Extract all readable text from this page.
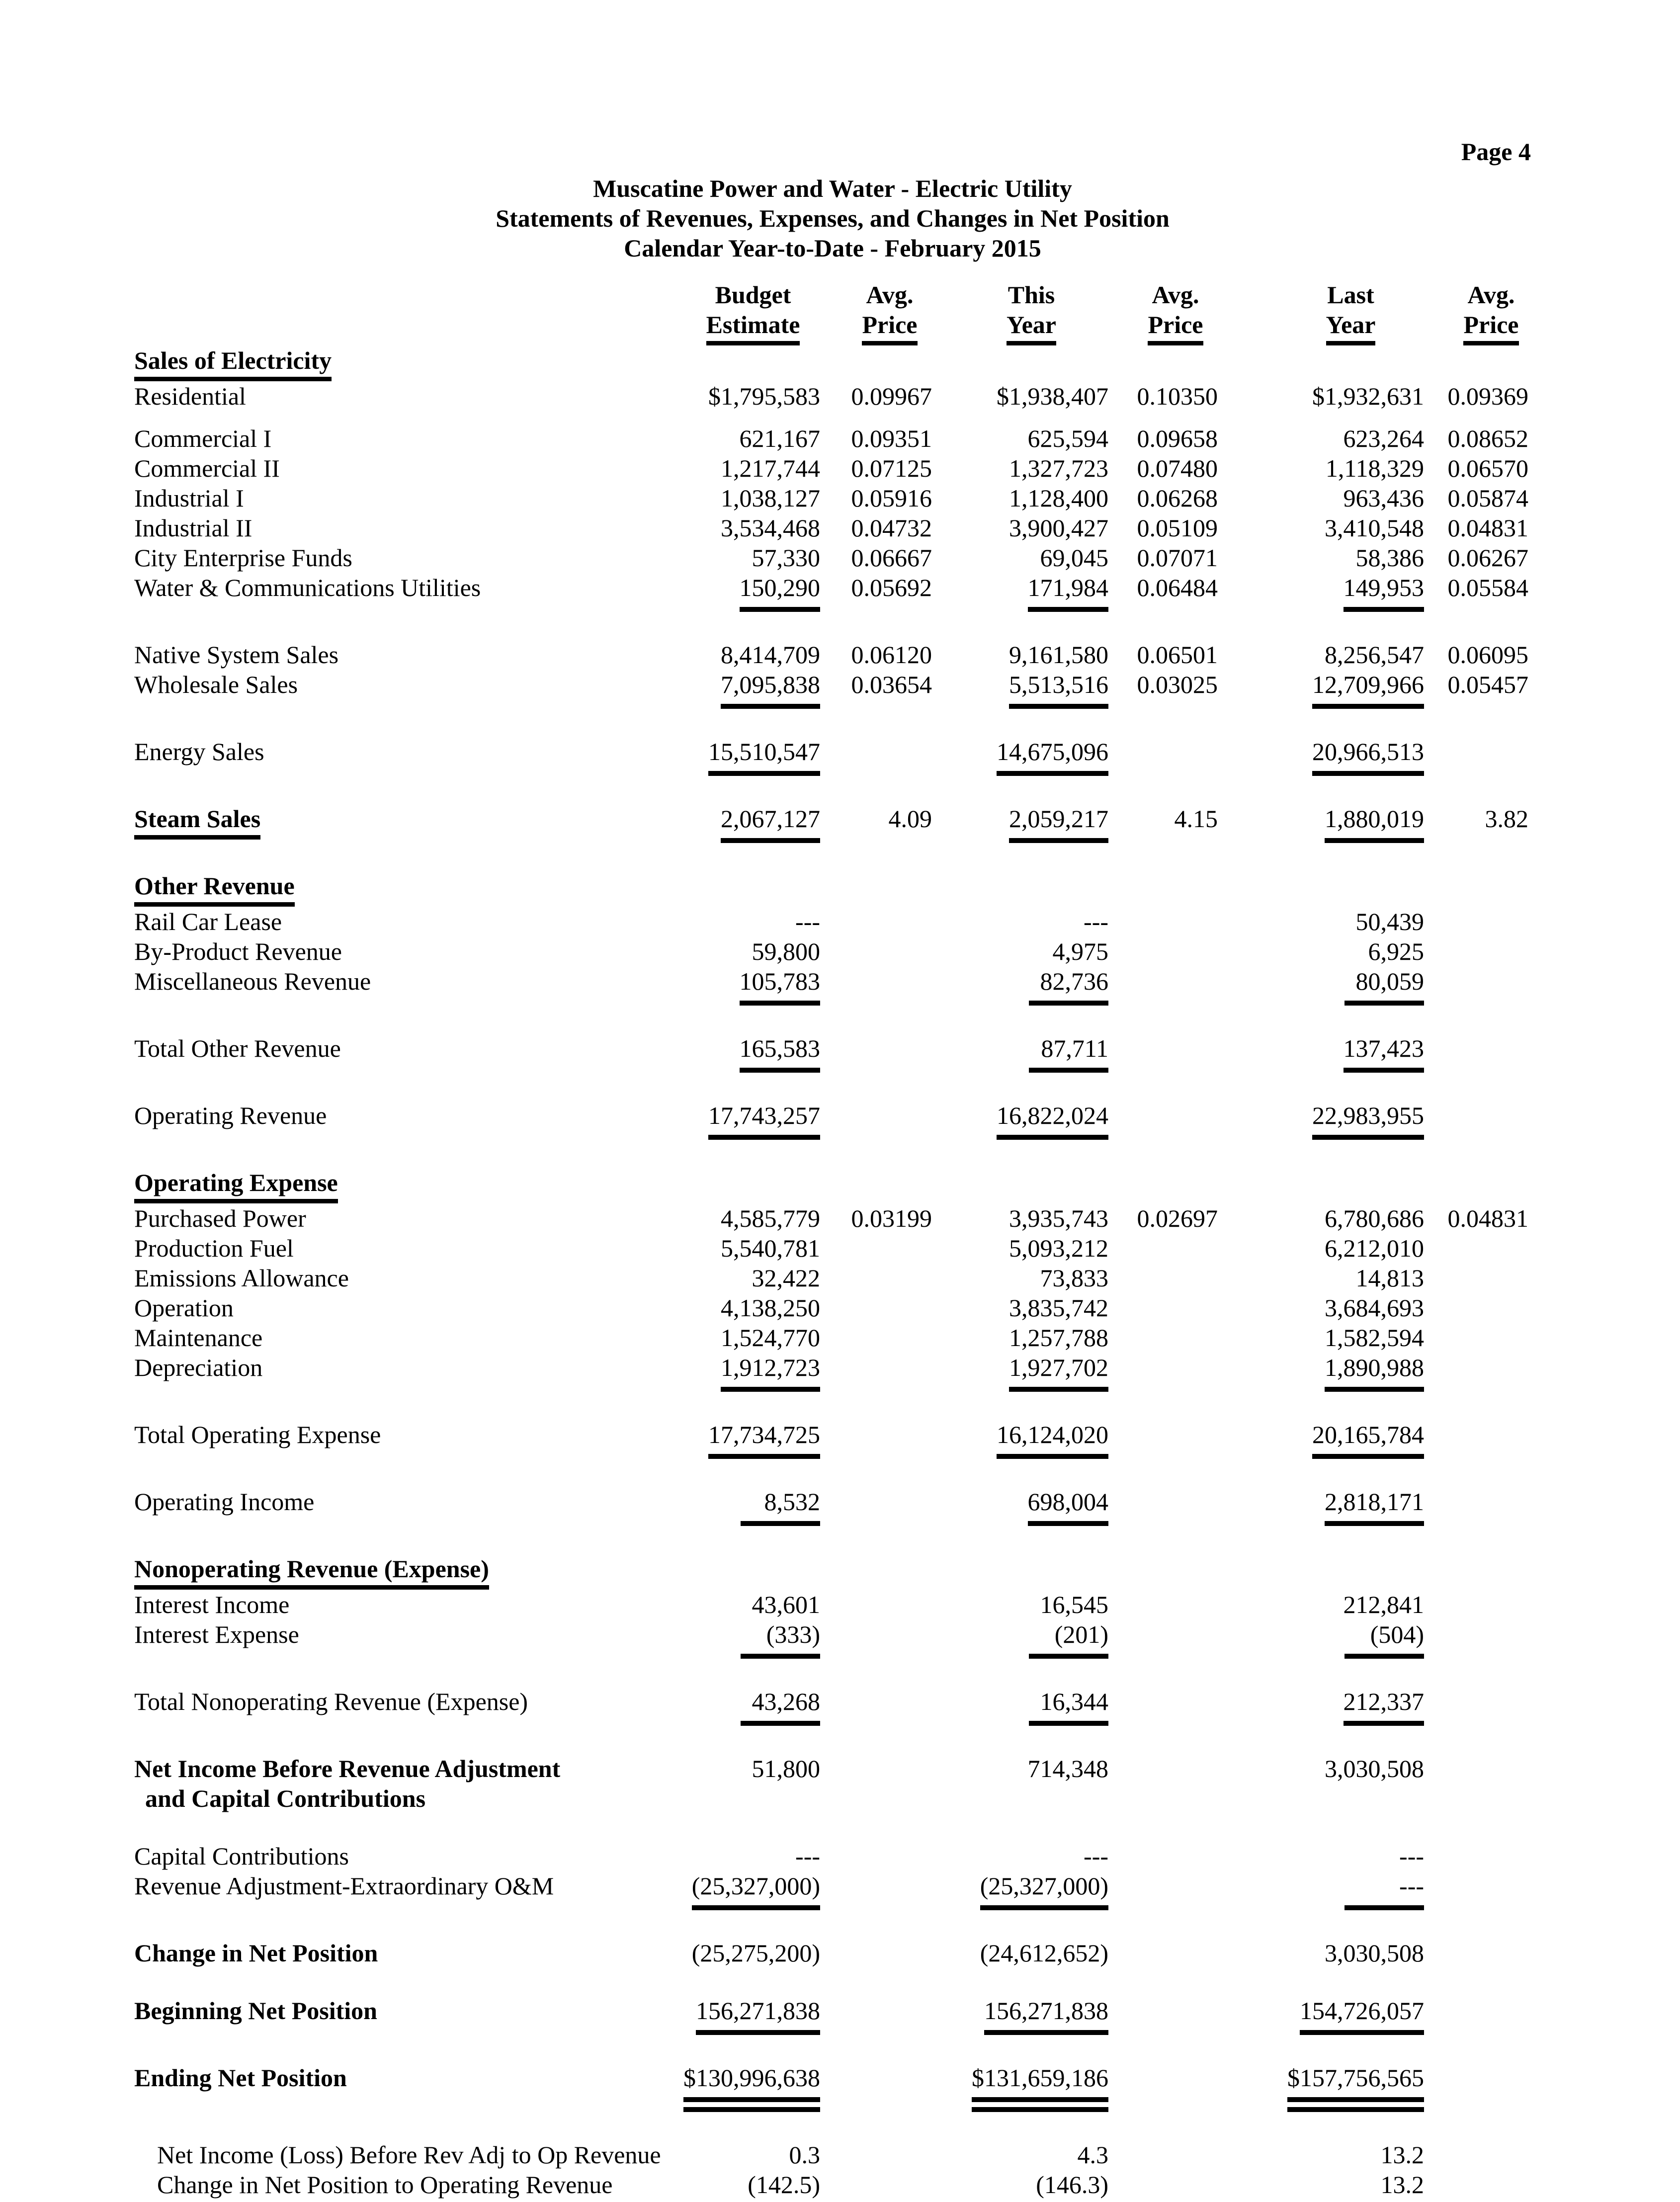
Page 4
Muscatine Power and Water - Electric Utility
Statements of Revenues, Expenses, and Changes in Net Position
Calendar Year-to-Date - February 2015
	Budget	Avg.	This	Avg.	Last	Avg.
	Estimate	Price	Year	Price	Year	Price
Sales of Electricity						
Residential	$1,795,583	0.09967	$1,938,407	0.10350	$1,932,631	0.09369
Commercial I	621,167	0.09351	625,594	0.09658	623,264	0.08652
Commercial II	1,217,744	0.07125	1,327,723	0.07480	1,118,329	0.06570
Industrial I	1,038,127	0.05916	1,128,400	0.06268	963,436	0.05874
Industrial II	3,534,468	0.04732	3,900,427	0.05109	3,410,548	0.04831
City Enterprise Funds	57,330	0.06667	69,045	0.07071	58,386	0.06267
Water & Communications Utilities	150,290	0.05692	171,984	0.06484	149,953	0.05584
Native System Sales	8,414,709	0.06120	9,161,580	0.06501	8,256,547	0.06095
Wholesale Sales	7,095,838	0.03654	5,513,516	0.03025	12,709,966	0.05457
Energy Sales	15,510,547		14,675,096		20,966,513	
Steam Sales	2,067,127	4.09	2,059,217	4.15	1,880,019	3.82
Other Revenue						
Rail Car Lease	---		---		50,439	
By-Product Revenue	59,800		4,975		6,925	
Miscellaneous Revenue	105,783		82,736		80,059	
Total Other Revenue	165,583		87,711		137,423	
Operating Revenue	17,743,257		16,822,024		22,983,955	
Operating Expense						
Purchased Power	4,585,779	0.03199	3,935,743	0.02697	6,780,686	0.04831
Production Fuel	5,540,781		5,093,212		6,212,010	
Emissions Allowance	32,422		73,833		14,813	
Operation	4,138,250		3,835,742		3,684,693	
Maintenance	1,524,770		1,257,788		1,582,594	
Depreciation	1,912,723		1,927,702		1,890,988	
Total Operating Expense	17,734,725		16,124,020		20,165,784	
Operating Income	8,532		698,004		2,818,171	
Nonoperating Revenue (Expense)						
Interest Income	43,601		16,545		212,841	
Interest Expense	(333)		(201)		(504)	
Total Nonoperating Revenue (Expense)	43,268		16,344		212,337	
Net Income Before Revenue Adjustment	51,800		714,348		3,030,508	
and Capital Contributions						
Capital Contributions	---		---		---	
Revenue Adjustment-Extraordinary O&M	(25,327,000)		(25,327,000)		---	
Change in Net Position	(25,275,200)		(24,612,652)		3,030,508	
Beginning Net Position	156,271,838		156,271,838		154,726,057	
Ending Net Position	$130,996,638		$131,659,186		$157,756,565	
Net Income (Loss) Before Rev Adj to Op Revenue	0.3		4.3		13.2	
Change in Net Position to Operating Revenue	(142.5)		(146.3)		13.2	
